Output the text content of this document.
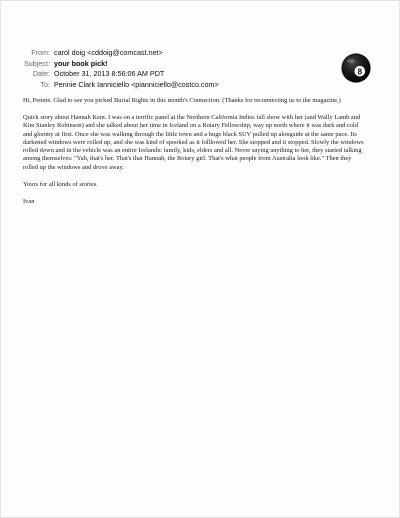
From: carol doig <cddoig@comcast.net>
Subject: your book pick!
Date: October 31, 2013 8:56:06 AM PDT
To: Pennie Clark Ianniciello <pianniciello@costco.com>
8

Hi, Pennie. Glad to see you picked Burial Rights in this month's Connection. (Thanks for reconnecting us to the magazine.)

Quick story about Hannah Kent. I was on a terrific panel at the Northern California Indies fall show with her (and Wally Lamb and Kim Stanley Robinson) and she talked about her time in Iceland on a Rotary Fellowship, way up north where it was dark and cold and gloomy at first. Once she was walking through the little town and a huge black SUV pulled up alongside at the same pace. Its darkened windows were rolled up, and she was kind of spooked as it folllowed her. She stopped and it stopped. Slowly the windows rolled down and in the vehicle was an entire Icelandic family, kids, elders and all. Never saying anything to her, they started talking among themselves: "Yah, that's her. That's that Hannah, the Rotary girl. That's what people from Australia look like." Then they rolled up the windows and drove away.

Yours for all kinds of stories.

Ivan
